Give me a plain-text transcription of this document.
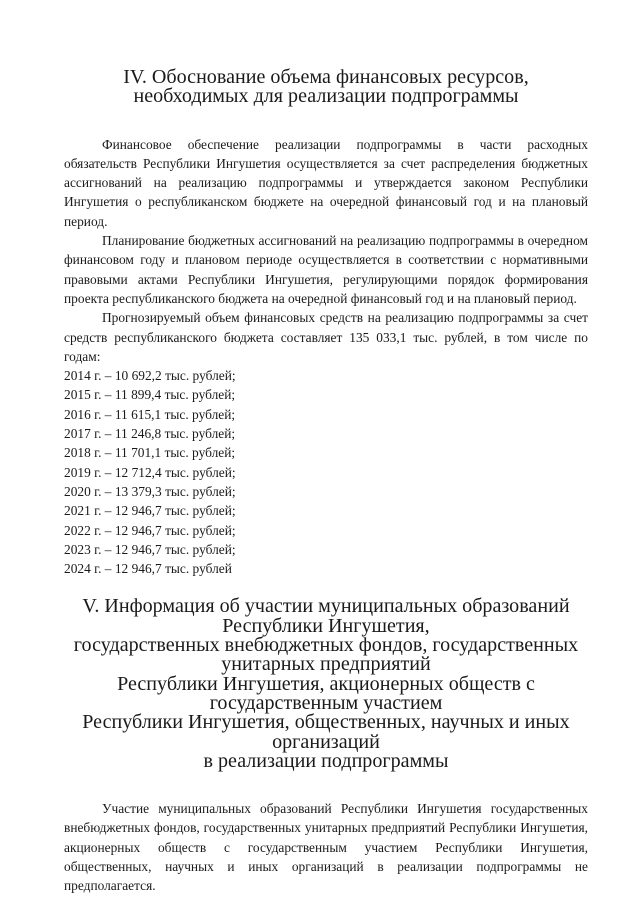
IV. Обоснование объема финансовых ресурсов,
необходимых для реализации подпрограммы

Финансовое обеспечение реализации подпрограммы в части расходных обязательств Республики Ингушетия осуществляется за счет распределения бюджетных ассигнований на реализацию подпрограммы и утверждается законом Республики Ингушетия о республиканском бюджете на очередной финансовый год и на плановый период.

Планирование бюджетных ассигнований на реализацию подпрограммы в очередном финансовом году и плановом периоде осуществляется в соответствии с нормативными правовыми актами Республики Ингушетия, регулирующими порядок формирования проекта республиканского бюджета на очередной финансовый год и на плановый период.

Прогнозируемый объем финансовых средств на реализацию подпрограммы за счет средств республиканского бюджета составляет 135 033,1 тыс. рублей, в том числе по годам:

2014 г. – 10 692,2 тыс. рублей;
2015 г. – 11 899,4 тыс. рублей;
2016 г. – 11 615,1 тыс. рублей;
2017 г. – 11 246,8 тыс. рублей;
2018 г. – 11 701,1 тыс. рублей;
2019 г. – 12 712,4 тыс. рублей;
2020 г. – 13 379,3 тыс. рублей;
2021 г. – 12 946,7 тыс. рублей;
2022 г. – 12 946,7 тыс. рублей;
2023 г. – 12 946,7 тыс. рублей;
2024 г. – 12 946,7 тыс. рублей
V. Информация об участии муниципальных образований Республики Ингушетия,
государственных внебюджетных фондов, государственных унитарных предприятий
Республики Ингушетия, акционерных обществ с государственным участием
Республики Ингушетия, общественных, научных и иных организаций
в реализации подпрограммы

Участие муниципальных образований Республики Ингушетия государственных внебюджетных фондов, государственных унитарных предприятий Республики Ингушетия, акционерных обществ с государственным участием Республики Ингушетия, общественных, научных и иных организаций в реализации подпрограммы не предполагается.
